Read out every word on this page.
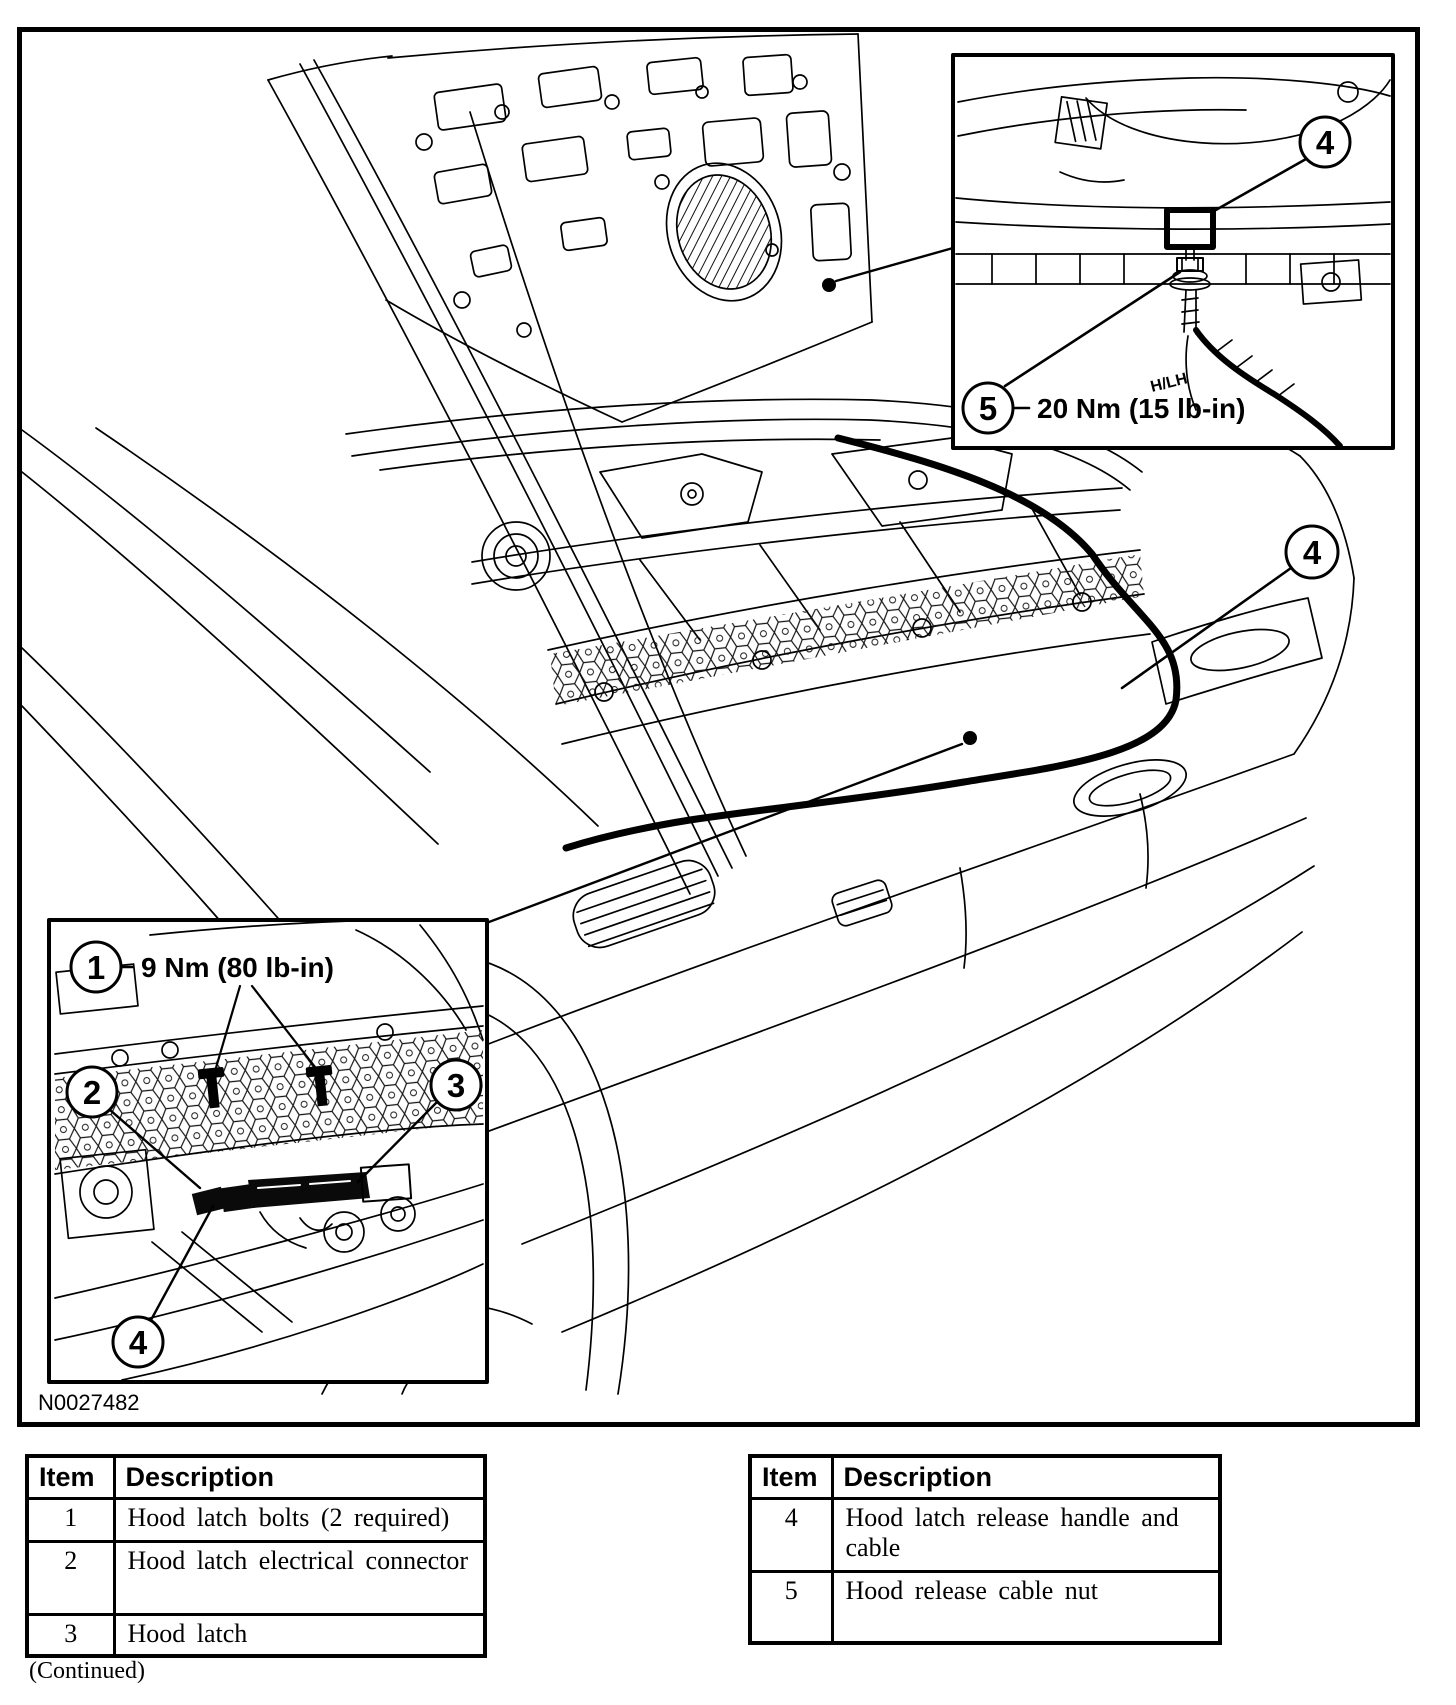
4
H/LH
4
5 20 Nm (15 lb-in)
1 9 Nm (80 lb-in)
2	3
4
N0027482
Item	Description
1	Hood latch bolts (2 required)
2	Hood latch electrical connector
3	Hood latch
Item	Description
4	Hood latch release handle and cable
5	Hood release cable nut
(Continued)
